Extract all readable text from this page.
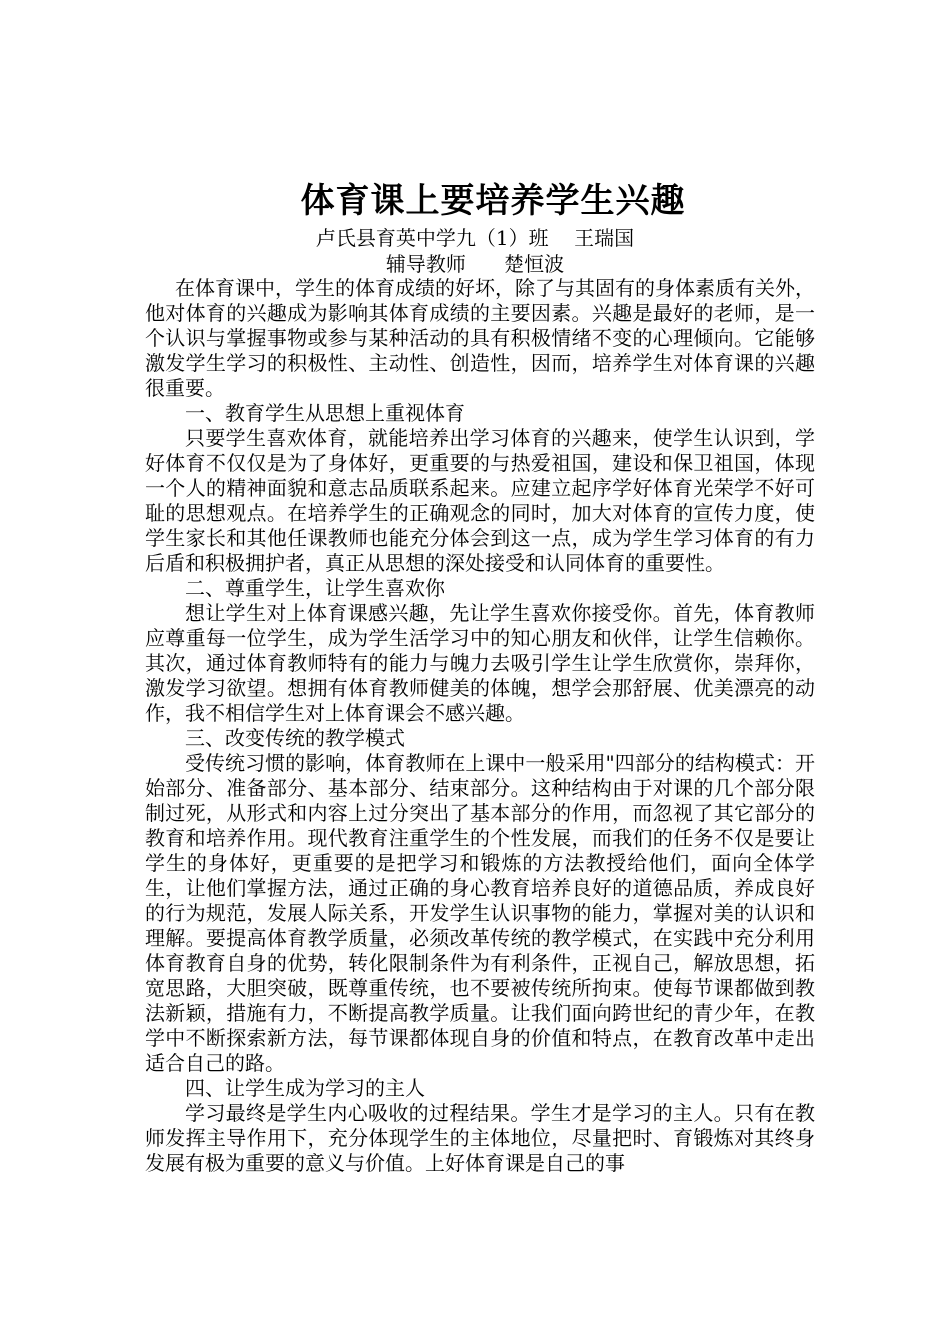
体育课上要培养学生兴趣
卢氏县育英中学九（1）班    王瑞国
辅导教师      楚恒波

在体育课中，学生的体育成绩的好坏，除了与其固有的身体素质有关外，他对体育的兴趣成为影响其体育成绩的主要因素。兴趣是最好的老师，是一个认识与掌握事物或参与某种活动的具有积极情绪不变的心理倾向。它能够激发学生学习的积极性、主动性、创造性，因而，培养学生对体育课的兴趣很重要。

一、教育学生从思想上重视体育

只要学生喜欢体育，就能培养出学习体育的兴趣来，使学生认识到，学好体育不仅仅是为了身体好，更重要的与热爱祖国，建设和保卫祖国，体现一个人的精神面貌和意志品质联系起来。应建立起序学好体育光荣学不好可耻的思想观点。在培养学生的正确观念的同时，加大对体育的宣传力度，使学生家长和其他任课教师也能充分体会到这一点，成为学生学习体育的有力后盾和积极拥护者，真正从思想的深处接受和认同体育的重要性。

二、尊重学生，让学生喜欢你

想让学生对上体育课感兴趣，先让学生喜欢你接受你。首先，体育教师应尊重每一位学生，成为学生活学习中的知心朋友和伙伴，让学生信赖你。其次，通过体育教师特有的能力与魄力去吸引学生让学生欣赏你，崇拜你，激发学习欲望。想拥有体育教师健美的体魄，想学会那舒展、优美漂亮的动作，我不相信学生对上体育课会不感兴趣。

三、改变传统的教学模式

受传统习惯的影响，体育教师在上课中一般采用"四部分的结构模式：开始部分、准备部分、基本部分、结束部分。这种结构由于对课的几个部分限制过死，从形式和内容上过分突出了基本部分的作用，而忽视了其它部分的教育和培养作用。现代教育注重学生的个性发展，而我们的任务不仅是要让学生的身体好，更重要的是把学习和锻炼的方法教授给他们，面向全体学生，让他们掌握方法，通过正确的身心教育培养良好的道德品质，养成良好的行为规范，发展人际关系，开发学生认识事物的能力，掌握对美的认识和理解。要提高体育教学质量，必须改革传统的教学模式，在实践中充分利用体育教育自身的优势，转化限制条件为有利条件，正视自己，解放思想，拓宽思路，大胆突破，既尊重传统，也不要被传统所拘束。使每节课都做到教法新颖，措施有力，不断提高教学质量。让我们面向跨世纪的青少年，在教学中不断探索新方法，每节课都体现自身的价值和特点，在教育改革中走出适合自己的路。

四、让学生成为学习的主人

学习最终是学生内心吸收的过程结果。学生才是学习的主人。只有在教师发挥主导作用下，充分体现学生的主体地位，尽量把时、育锻炼对其终身发展有极为重要的意义与价值。上好体育课是自己的事
